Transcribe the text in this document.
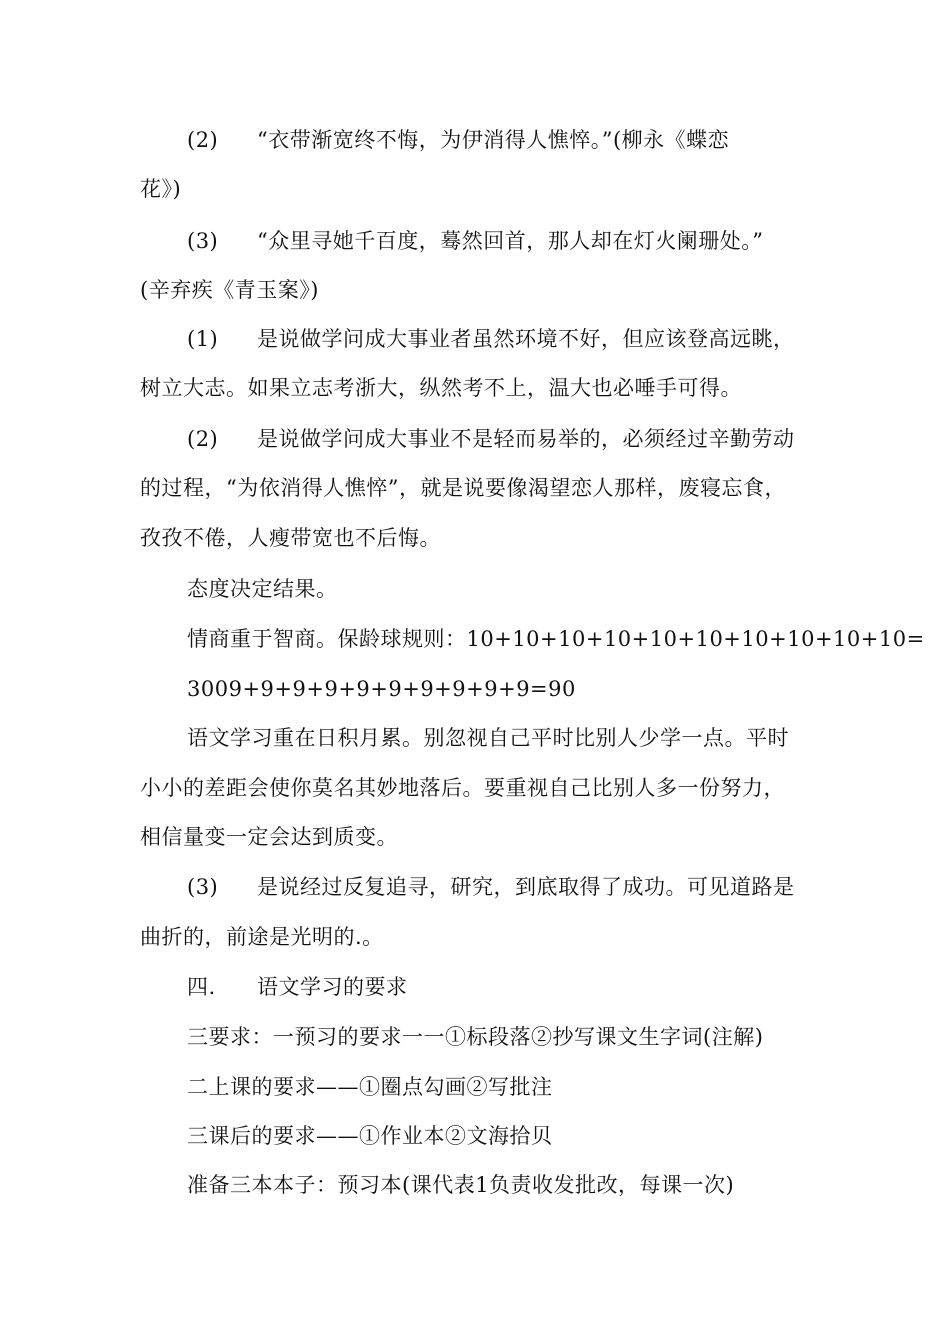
(2) “衣带渐宽终不悔，为伊消得人憔悴。”(柳永《蝶恋
花》)
(3) “众里寻她千百度，蓦然回首，那人却在灯火阑珊处。”
(辛弃疾《青玉案》)
(1) 是说做学问成大事业者虽然环境不好，但应该登高远眺，
树立大志。如果立志考浙大，纵然考不上，温大也必唾手可得。
(2) 是说做学问成大事业不是轻而易举的，必须经过辛勤劳动
的过程，“为依消得人憔悴”，就是说要像渴望恋人那样，废寝忘食，
孜孜不倦，人瘦带宽也不后悔。
态度决定结果。
情商重于智商。保龄球规则：10+10+10+10+10+10+10+10+10+10=
3009+9+9+9+9+9+9+9+9+9=90
语文学习重在日积月累。别忽视自己平时比别人少学一点。平时
小小的差距会使你莫名其妙地落后。要重视自己比别人多一份努力，
相信量变一定会达到质变。
(3) 是说经过反复追寻，研究，到底取得了成功。可见道路是
曲折的，前途是光明的.。
四. 语文学习的要求
三要求：一预习的要求一一①标段落②抄写课文生字词(注解)
二上课的要求——①圈点勾画②写批注
三课后的要求——①作业本②文海拾贝
准备三本本子：预习本(课代表1负责收发批改，每课一次)
